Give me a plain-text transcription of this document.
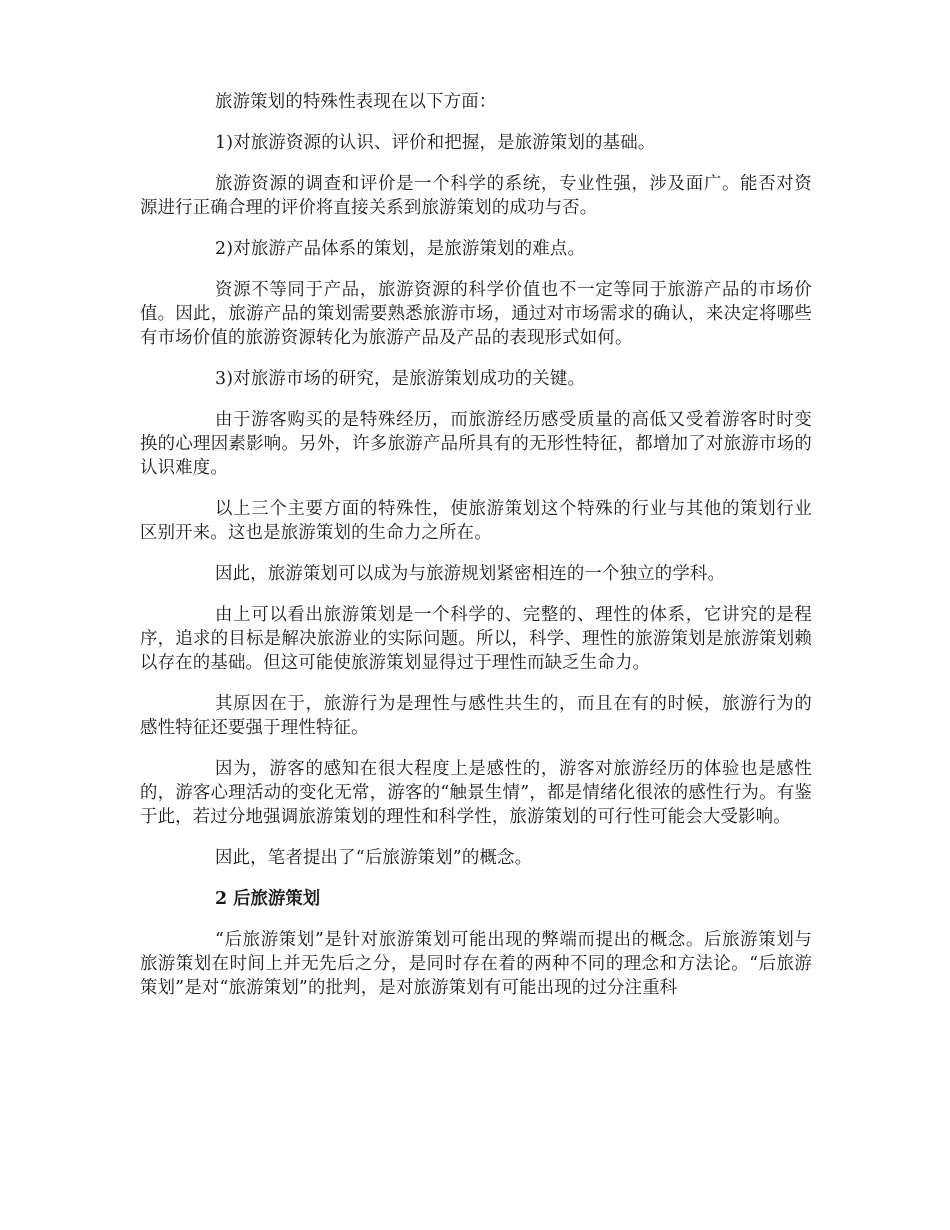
旅游策划的特殊性表现在以下方面：

1)对旅游资源的认识、评价和把握，是旅游策划的基础。

旅游资源的调查和评价是一个科学的系统，专业性强，涉及面广。能否对资源进行正确合理的评价将直接关系到旅游策划的成功与否。

2)对旅游产品体系的策划，是旅游策划的难点。

资源不等同于产品，旅游资源的科学价值也不一定等同于旅游产品的市场价值。因此，旅游产品的策划需要熟悉旅游市场，通过对市场需求的确认，来决定将哪些有市场价值的旅游资源转化为旅游产品及产品的表现形式如何。

3)对旅游市场的研究，是旅游策划成功的关键。

由于游客购买的是特殊经历，而旅游经历感受质量的高低又受着游客时时变换的心理因素影响。另外，许多旅游产品所具有的无形性特征，都增加了对旅游市场的认识难度。

以上三个主要方面的特殊性，使旅游策划这个特殊的行业与其他的策划行业区别开来。这也是旅游策划的生命力之所在。

因此，旅游策划可以成为与旅游规划紧密相连的一个独立的学科。

由上可以看出旅游策划是一个科学的、完整的、理性的体系，它讲究的是程序，追求的目标是解决旅游业的实际问题。所以，科学、理性的旅游策划是旅游策划赖以存在的基础。但这可能使旅游策划显得过于理性而缺乏生命力。

其原因在于，旅游行为是理性与感性共生的，而且在有的时候，旅游行为的感性特征还要强于理性特征。

因为，游客的感知在很大程度上是感性的，游客对旅游经历的体验也是感性的，游客心理活动的变化无常，游客的“触景生情”，都是情绪化很浓的感性行为。有鉴于此，若过分地强调旅游策划的理性和科学性，旅游策划的可行性可能会大受影响。

因此，笔者提出了“后旅游策划”的概念。

2 后旅游策划

“后旅游策划”是针对旅游策划可能出现的弊端而提出的概念。后旅游策划与旅游策划在时间上并无先后之分，是同时存在着的两种不同的理念和方法论。“后旅游策划”是对“旅游策划”的批判，是对旅游策划有可能出现的过分注重科
